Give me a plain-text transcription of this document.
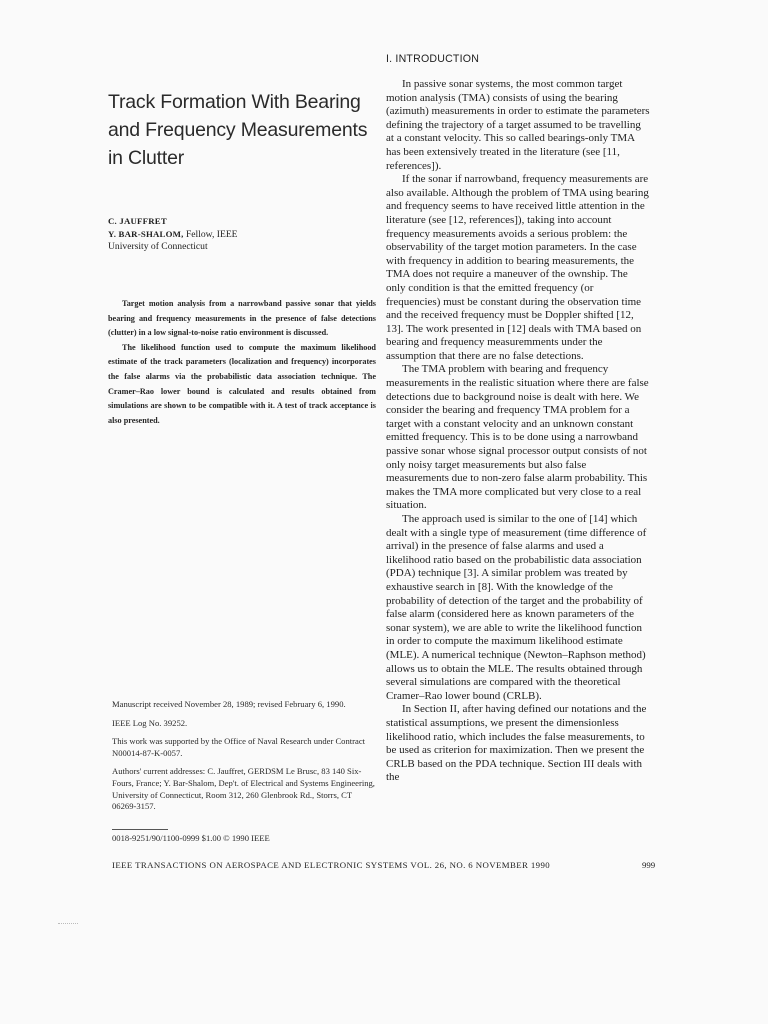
Track Formation With Bearing
and Frequency Measurements
in Clutter
C. JAUFFRET
Y. BAR-SHALOM, Fellow, IEEE
University of Connecticut

Target motion analysis from a narrowband passive sonar that yields bearing and frequency measurements in the presence of false detections (clutter) in a low signal-to-noise ratio environment is discussed.

The likelihood function used to compute the maximum likelihood estimate of the track parameters (localization and frequency) incorporates the false alarms via the probabilistic data association technique. The Cramer–Rao lower bound is calculated and results obtained from simulations are shown to be compatible with it. A test of track acceptance is also presented.

Manuscript received November 28, 1989; revised February 6, 1990.

IEEE Log No. 39252.

This work was supported by the Office of Naval Research under Contract N00014-87-K-0057.

Authors' current addresses: C. Jauffret, GERDSM Le Brusc, 83 140 Six-Fours, France; Y. Bar-Shalom, Dep't. of Electrical and Systems Engineering, University of Connecticut, Room 312, 260 Glenbrook Rd., Storrs, CT 06269-3157.

0018-9251/90/1100-0999 $1.00 © 1990 IEEE
I. INTRODUCTION

In passive sonar systems, the most common target motion analysis (TMA) consists of using the bearing (azimuth) measurements in order to estimate the parameters defining the trajectory of a target assumed to be travelling at a constant velocity. This so called bearings-only TMA has been extensively treated in the literature (see [11, references]).

If the sonar if narrowband, frequency measurements are also available. Although the problem of TMA using bearing and frequency seems to have received little attention in the literature (see [12, references]), taking into account frequency measurements avoids a serious problem: the observability of the target motion parameters. In the case with frequency in addition to bearing measurements, the TMA does not require a maneuver of the ownship. The only condition is that the emitted frequency (or frequencies) must be constant during the observation time and the received frequency must be Doppler shifted [12, 13]. The work presented in [12] deals with TMA based on bearing and frequency measuremments under the assumption that there are no false detections.

The TMA problem with bearing and frequency measurements in the realistic situation where there are false detections due to background noise is dealt with here. We consider the bearing and frequency TMA problem for a target with a constant velocity and an unknown constant emitted frequency. This is to be done using a narrowband passive sonar whose signal processor output consists of not only noisy target measurements but also false measurements due to non-zero false alarm probability. This makes the TMA more complicated but very close to a real situation.

The approach used is similar to the one of [14] which dealt with a single type of measurement (time difference of arrival) in the presence of false alarms and used a likelihood ratio based on the probabilistic data association (PDA) technique [3]. A similar problem was treated by exhaustive search in [8]. With the knowledge of the probability of detection of the target and the probability of false alarm (considered here as known parameters of the sonar system), we are able to write the likelihood function in order to compute the maximum likelihood estimate (MLE). A numerical technique (Newton–Raphson method) allows us to obtain the MLE. The results obtained through several simulations are compared with the theoretical Cramer–Rao lower bound (CRLB).

In Section II, after having defined our notations and the statistical assumptions, we present the dimensionless likelihood ratio, which includes the false measurements, to be used as criterion for maximization. Then we present the CRLB based on the PDA technique. Section III deals with the

IEEE TRANSACTIONS ON AEROSPACE AND ELECTRONIC SYSTEMS VOL. 26, NO. 6 NOVEMBER 1990	999
